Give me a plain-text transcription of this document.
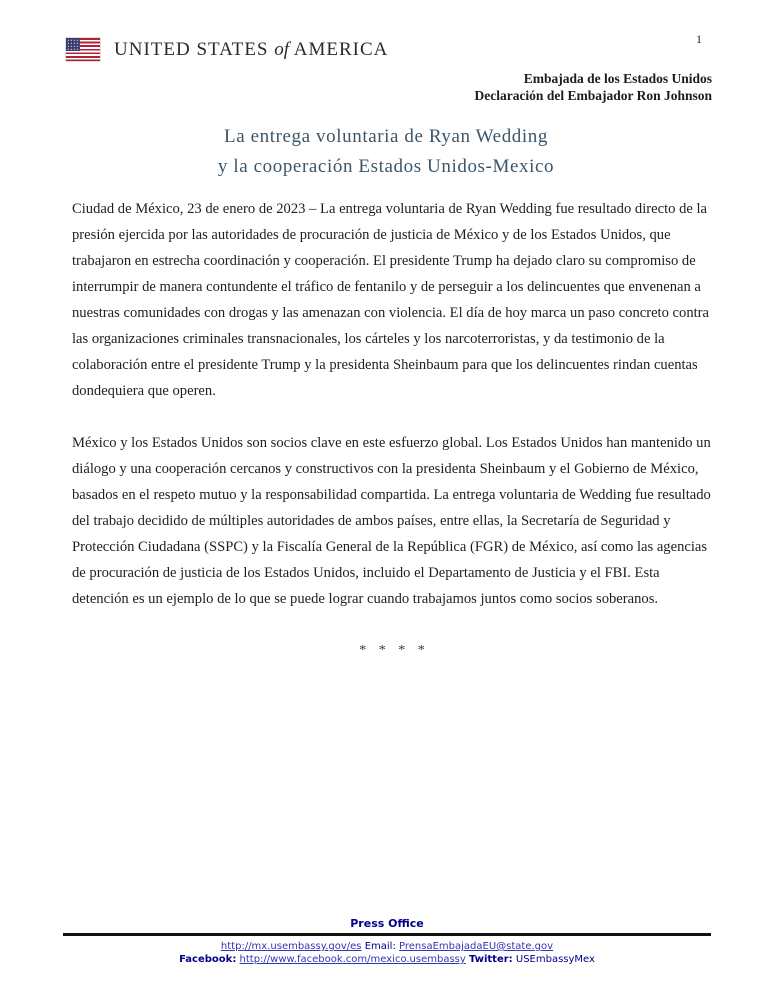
1
UNITED STATES of AMERICA
Embajada de los Estados Unidos
Declaración del Embajador Ron Johnson
La entrega voluntaria de Ryan Wedding
y la cooperación Estados Unidos-Mexico

Ciudad de México, 23 de enero de 2023 – La entrega voluntaria de Ryan Wedding fue resultado directo de la presión ejercida por las autoridades de procuración de justicia de México y de los Estados Unidos, que trabajaron en estrecha coordinación y cooperación. El presidente Trump ha dejado claro su compromiso de interrumpir de manera contundente el tráfico de fentanilo y de perseguir a los delincuentes que envenenan a nuestras comunidades con drogas y las amenazan con violencia. El día de hoy marca un paso concreto contra las organizaciones criminales transnacionales, los cárteles y los narcoterroristas, y da testimonio de la colaboración entre el presidente Trump y la presidenta Sheinbaum para que los delincuentes rindan cuentas dondequiera que operen.

México y los Estados Unidos son socios clave en este esfuerzo global. Los Estados Unidos han mantenido un diálogo y una cooperación cercanos y constructivos con la presidenta Sheinbaum y el Gobierno de México, basados en el respeto mutuo y la responsabilidad compartida. La entrega voluntaria de Wedding fue resultado del trabajo decidido de múltiples autoridades de ambos países, entre ellas, la Secretaría de Seguridad y Protección Ciudadana (SSPC) y la Fiscalía General de la República (FGR) de México, así como las agencias de procuración de justicia de los Estados Unidos, incluido el Departamento de Justicia y el FBI. Esta detención es un ejemplo de lo que se puede lograr cuando trabajamos juntos como socios soberanos.

* * * *
Press Office
http://mx.usembassy.gov/es Email: PrensaEmbajadaEU@state.gov
Facebook: http://www.facebook.com/mexico.usembassy Twitter: USEmbassyMex
